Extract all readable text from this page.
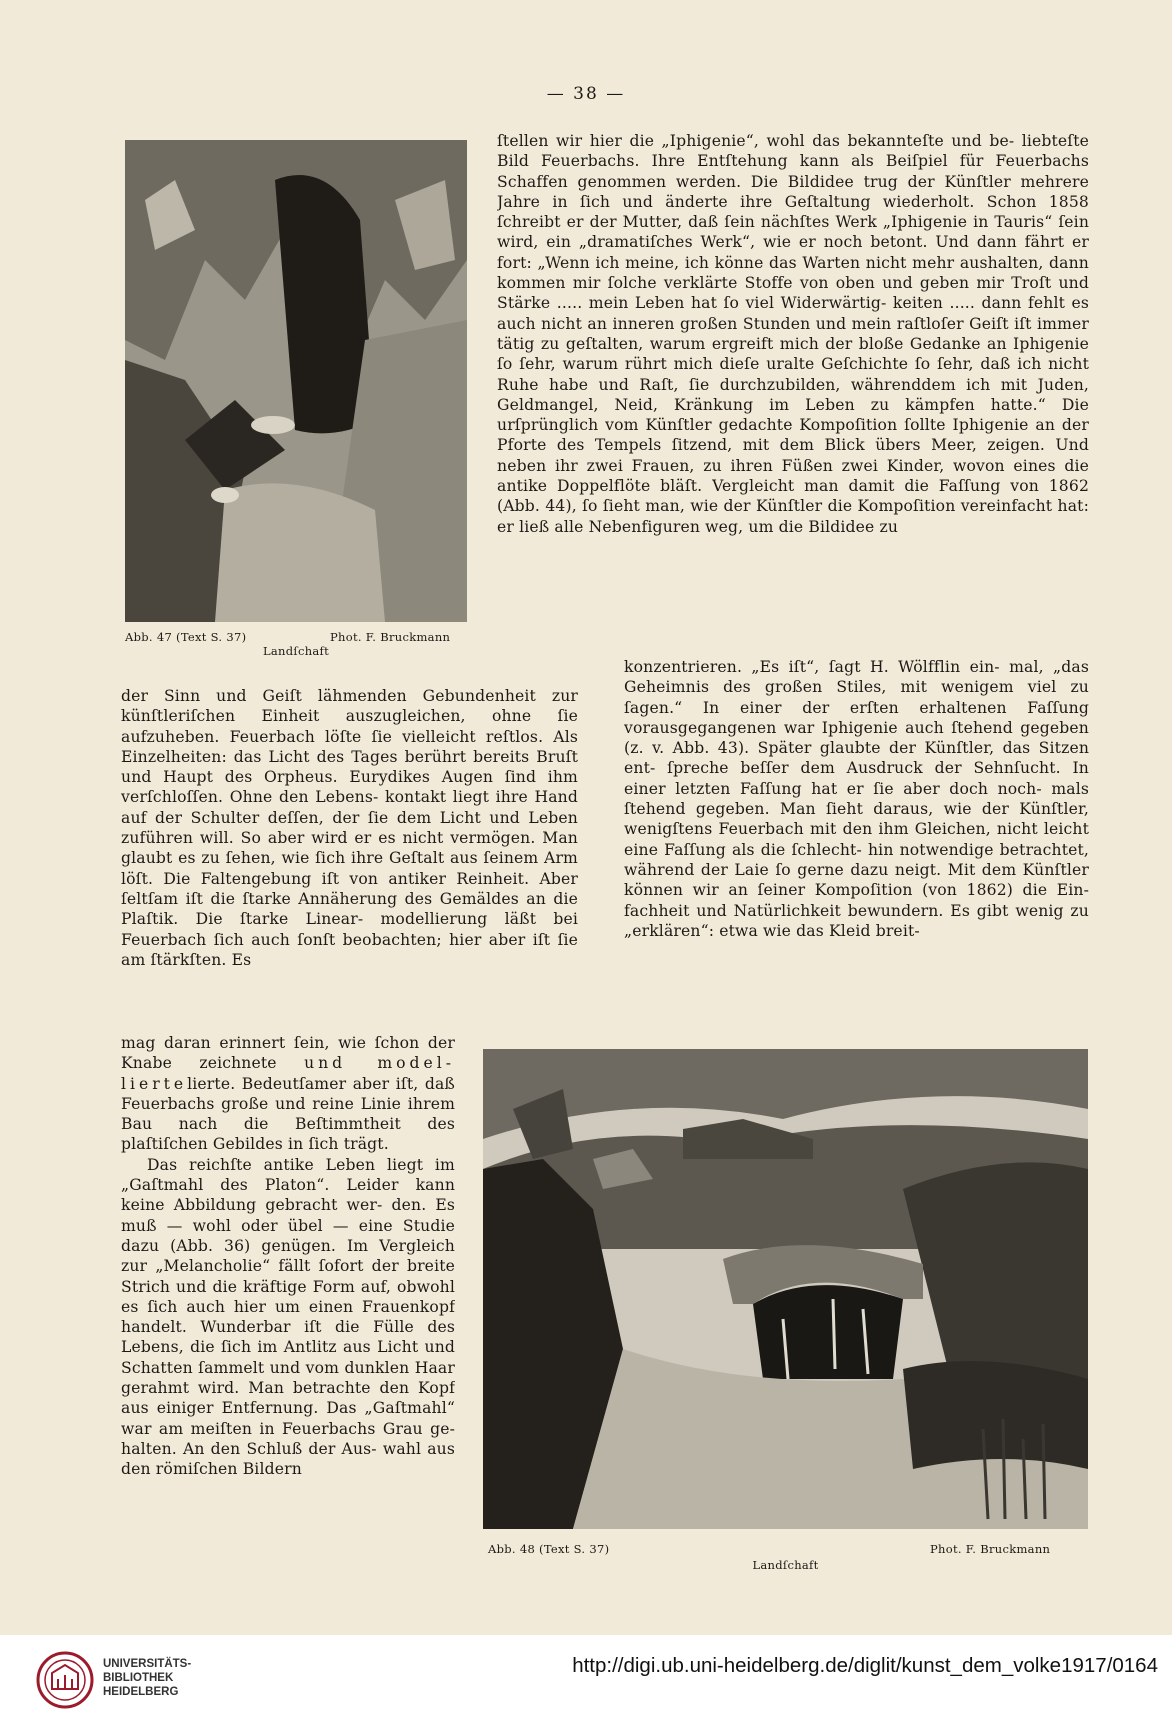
— 38 —
Abb. 47 (Text S. 37)	Phot. F. Bruckmann
Landſchaft

ſtellen wir hier die „Iphigenie“, wohl das bekannteſte und be- liebteſte Bild Feuerbachs. Ihre Entſtehung kann als Beiſpiel für Feuerbachs Schaffen genommen werden. Die Bildidee trug der Künſtler mehrere Jahre in ſich und änderte ihre Geſtaltung wiederholt. Schon 1858 ſchreibt er der Mutter, daß ſein nächſtes Werk „Iphigenie in Tauris“ ſein wird, ein „dramatiſches Werk“, wie er noch betont. Und dann fährt er fort: „Wenn ich meine, ich könne das Warten nicht mehr aushalten, dann kommen mir ſolche verklärte Stoffe von oben und geben mir Troſt und Stärke ..... mein Leben hat ſo viel Widerwärtig- keiten ..... dann fehlt es auch nicht an inneren großen Stunden und mein raſtloſer Geiſt iſt immer tätig zu geſtalten, warum ergreift mich der bloße Gedanke an Iphigenie ſo ſehr, warum rührt mich dieſe uralte Geſchichte ſo ſehr, daß ich nicht Ruhe habe und Raſt, ſie durchzubilden, währenddem ich mit Juden, Geldmangel, Neid, Kränkung im Leben zu kämpfen hatte.“ Die urſprünglich vom Künſtler gedachte Kompoſition ſollte Iphigenie an der Pforte des Tempels ſitzend, mit dem Blick übers Meer, zeigen. Und neben ihr zwei Frauen, zu ihren Füßen zwei Kinder, wovon eines die antike Doppelflöte bläſt. Vergleicht man damit die Faſſung von 1862 (Abb. 44), ſo ſieht man, wie der Künſtler die Kompoſition vereinfacht hat: er ließ alle Nebenfiguren weg, um die Bildidee zu

der Sinn und Geiſt lähmenden Gebundenheit zur künſtleriſchen Einheit auszugleichen, ohne ſie aufzuheben. Feuerbach löſte ſie vielleicht reſtlos. Als Einzelheiten: das Licht des Tages berührt bereits Bruſt und Haupt des Orpheus. Eurydikes Augen ſind ihm verſchloſſen. Ohne den Lebens- kontakt liegt ihre Hand auf der Schulter deſſen, der ſie dem Licht und Leben zuführen will. So aber wird er es nicht vermögen. Man glaubt es zu ſehen, wie ſich ihre Geſtalt aus ſeinem Arm löſt. Die Faltengebung iſt von antiker Reinheit. Aber ſeltſam iſt die ſtarke Annäherung des Gemäldes an die Plaſtik. Die ſtarke Linear- modellierung läßt bei Feuerbach ſich auch ſonſt beobachten; hier aber iſt ſie am ſtärkſten. Es

konzentrieren. „Es iſt“, ſagt H. Wölfflin ein- mal, „das Geheimnis des großen Stiles, mit wenigem viel zu ſagen.“ In einer der erſten erhaltenen Faſſung vorausgegangenen war Iphigenie auch ſtehend gegeben (z. v. Abb. 43). Später glaubte der Künſtler, das Sitzen ent- ſpreche beſſer dem Ausdruck der Sehnſucht. In einer letzten Faſſung hat er ſie aber doch noch- mals ſtehend gegeben. Man ſieht daraus, wie der Künſtler, wenigſtens Feuerbach mit den ihm Gleichen, nicht leicht eine Faſſung als die ſchlecht- hin notwendige betrachtet, während der Laie ſo gerne dazu neigt. Mit dem Künſtler können wir an ſeiner Kompoſition (von 1862) die Ein- fachheit und Natürlichkeit bewundern. Es gibt wenig zu „erklären“: etwa wie das Kleid breit-

mag daran erinnert ſein, wie ſchon der Knabe zeichnete und model-liertelierte. Bedeutſamer aber iſt, daß Feuerbachs große und reine Linie ihrem Bau nach die Beſtimmtheit des plaſtiſchen Gebildes in ſich trägt.

Das reichſte antike Leben liegt im „Gaſtmahl des Platon“. Leider kann keine Abbildung gebracht wer- den. Es muß — wohl oder übel — eine Studie dazu (Abb. 36) genügen. Im Vergleich zur „Melancholie“ fällt ſofort der breite Strich und die kräftige Form auf, obwohl es ſich auch hier um einen Frauenkopf handelt. Wunderbar iſt die Fülle des Lebens, die ſich im Antlitz aus Licht und Schatten ſammelt und vom dunklen Haar gerahmt wird. Man betrachte den Kopf aus einiger Entfernung. Das „Gaſtmahl“ war am meiſten in Feuerbachs Grau ge- halten. An den Schluß der Aus- wahl aus den römiſchen Bildern

Abb. 48 (Text S. 37)	Phot. F. Bruckmann
Landſchaft
UNIVERSITÄTS-
BIBLIOTHEK
HEIDELBERG
http://digi.ub.uni-heidelberg.de/diglit/kunst_dem_volke1917/0164
